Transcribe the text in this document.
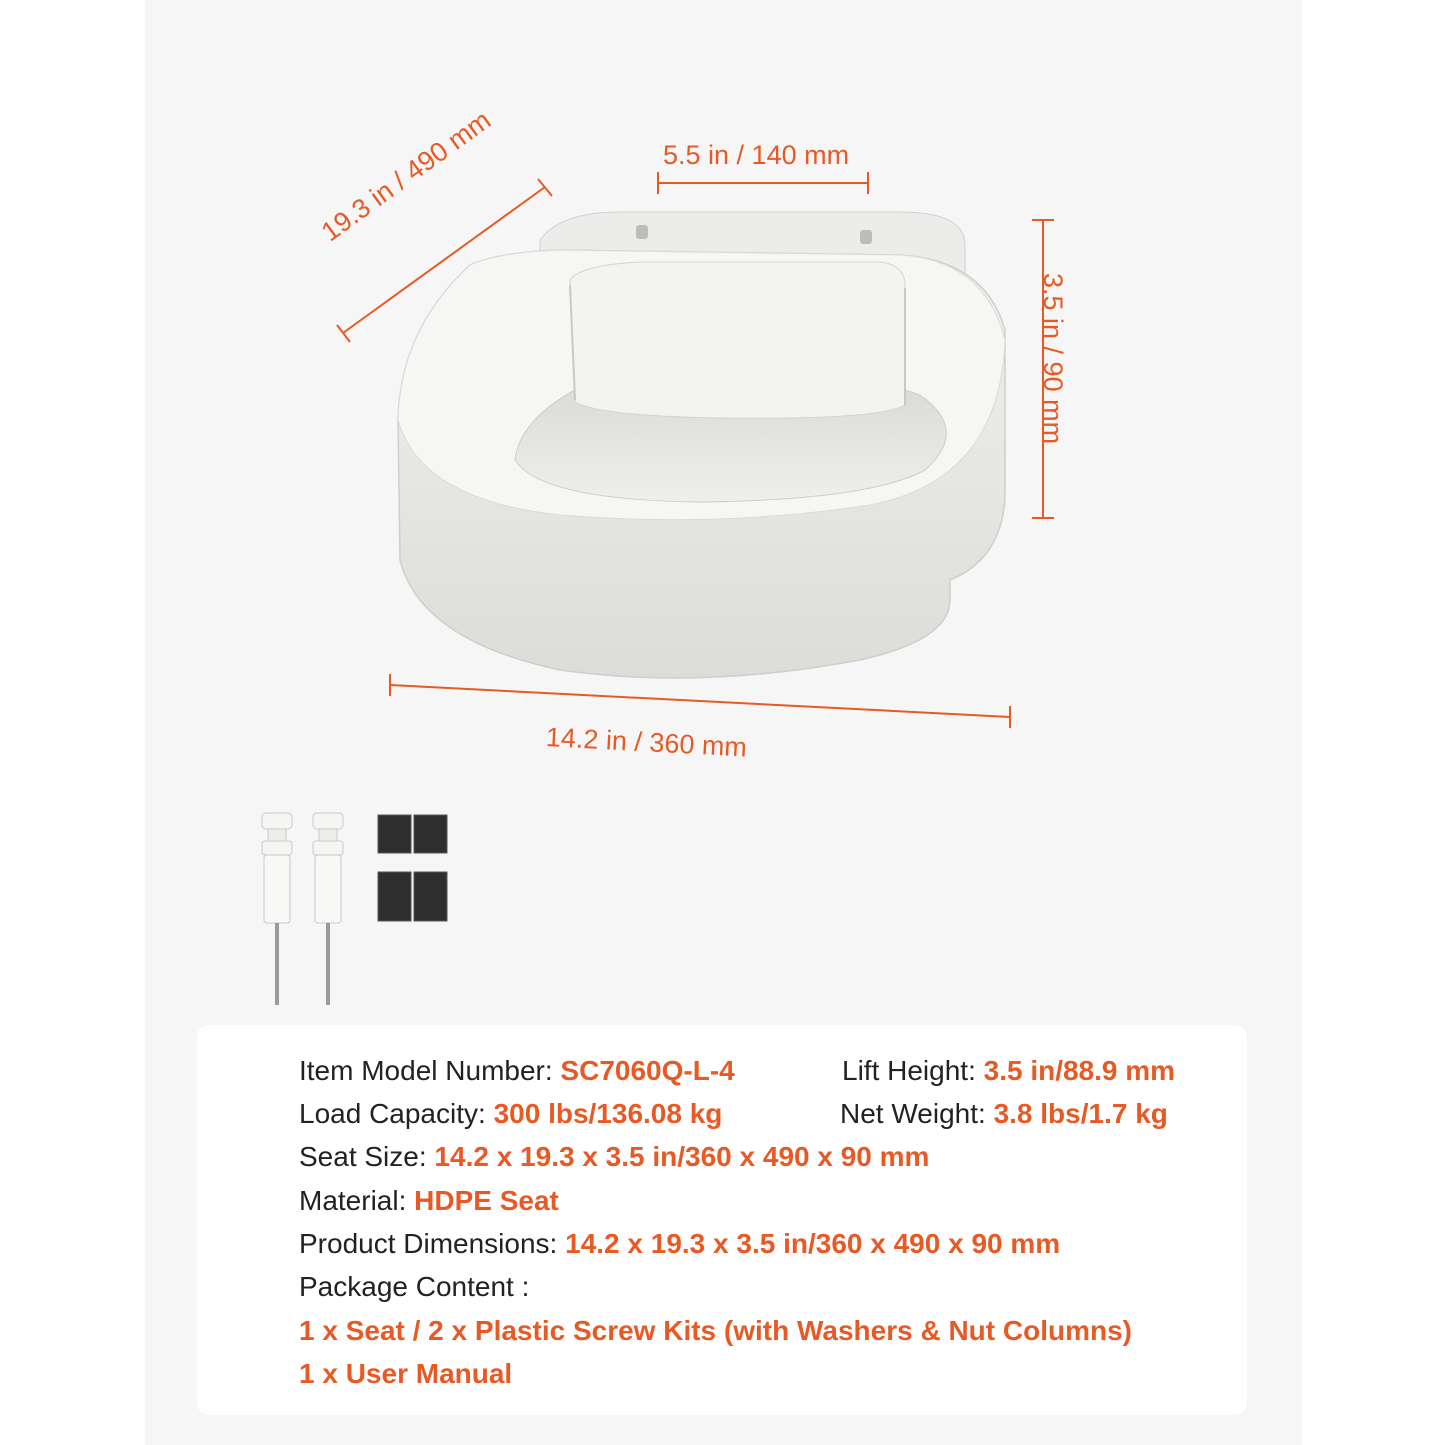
5.5 in / 140 mm
19.3 in / 490 mm
3.5 in / 90 mm
14.2 in / 360 mm
Item Model Number: SC7060Q-L-4	Lift Height: 3.5 in/88.9 mm
Load Capacity: 300 lbs/136.08 kg	Net Weight: 3.8 lbs/1.7 kg
Seat Size: 14.2 x 19.3 x 3.5 in/360 x 490 x 90 mm
Material: HDPE Seat
Product Dimensions: 14.2 x 19.3 x 3.5 in/360 x 490 x 90 mm
Package Content :
1 x Seat / 2 x Plastic Screw Kits (with Washers & Nut Columns)
1 x User Manual
